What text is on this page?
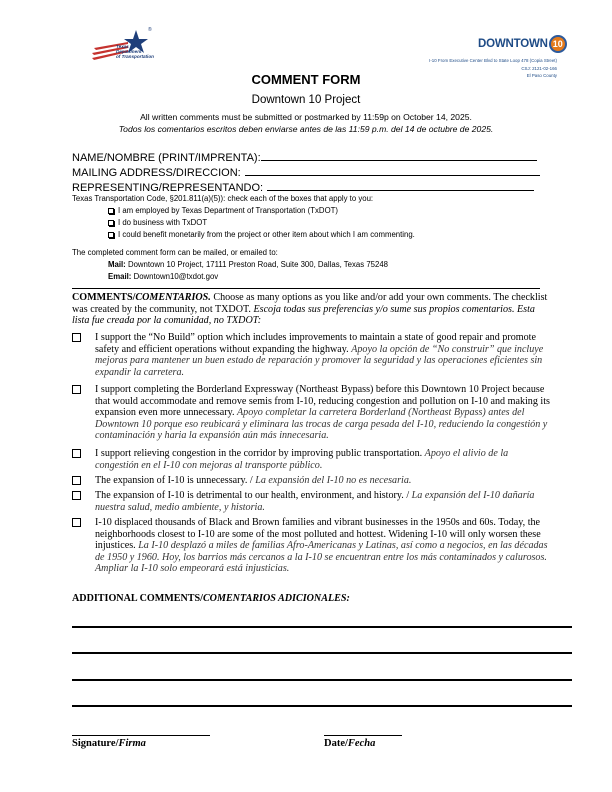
®
Texas
Department
of Transportation
DOWNTOWN 10
I-10 From Executive Center Blvd to State Loop 478 (Copia Street)
CSJ: 2121-02-166
El Paso County
COMMENT FORM
Downtown 10 Project
All written comments must be submitted or postmarked by 11:59p on October 14, 2025.
Todos los comentarios escritos deben enviarse antes de las 11:59 p.m. del 14 de octubre de 2025.
NAME/NOMBRE (PRINT/IMPRENTA):
MAILING ADDRESS/DIRECCION:
REPRESENTING/REPRESENTANDO:
Texas Transportation Code, §201.811(a)(5)): check each of the boxes that apply to you:
I am employed by Texas Department of Transportation (TxDOT)
I do business with TxDOT
I could benefit monetarily from the project or other item about which I am commenting.
The completed comment form can be mailed, or emailed to:
Mail: Downtown 10 Project, 17111 Preston Road, Suite 300, Dallas, Texas 75248
Email: Downtown10@txdot.gov
COMMENTS/COMENTARIOS. Choose as many options as you like and/or add your own comments. The checklist was created by the community, not TXDOT. Escoja todas sus preferencias y/o sume sus propios comentarios. Esta lista fue creada por la comunidad, no TXDOT:
I support the “No Build” option which includes improvements to maintain a state of good repair and promote safety and efficient operations without expanding the highway. Apoyo la opción de “No construir” que incluye mejoras para mantener un buen estado de reparación y promover la seguridad y las operaciones eficientes sin expandir la carretera.
I support completing the Borderland Expressway (Northeast Bypass) before this Downtown 10 Project because that would accommodate and remove semis from I-10, reducing congestion and pollution on I-10 and making its expansion even more unnecessary. Apoyo completar la carretera Borderland (Northeast Bypass) antes del Downtown 10 porque eso reubicará y eliminara las trocas de carga pesada del I-10, reduciendo la congestión y contaminación y haria la expansión aún más innecesaria.
I support relieving congestion in the corridor by improving public transportation. Apoyo el alivio de la congestión en el I-10 con mejoras al transporte público.
The expansion of I-10 is unnecessary. / La expansión del I-10 no es necesaria.
The expansion of I-10 is detrimental to our health, environment, and history. / La expansión del I-10 dañaría nuestra salud, medio ambiente, y historia.
I-10 displaced thousands of Black and Brown families and vibrant businesses in the 1950s and 60s. Today, the neighborhoods closest to I-10 are some of the most polluted and hottest. Widening I-10 will only worsen these injustices. La I-10 desplazó a miles de familias Afro-Americanas y Latinas, así como a negocios, en las décadas de 1950 y 1960. Hoy, los barrios más cercanos a la I-10 se encuentran entre los más contaminados y calurosos. Ampliar la I-10 solo empeorará está injusticias.
ADDITIONAL COMMENTS/COMENTARIOS ADICIONALES:
Signature/Firma	Date/Fecha
